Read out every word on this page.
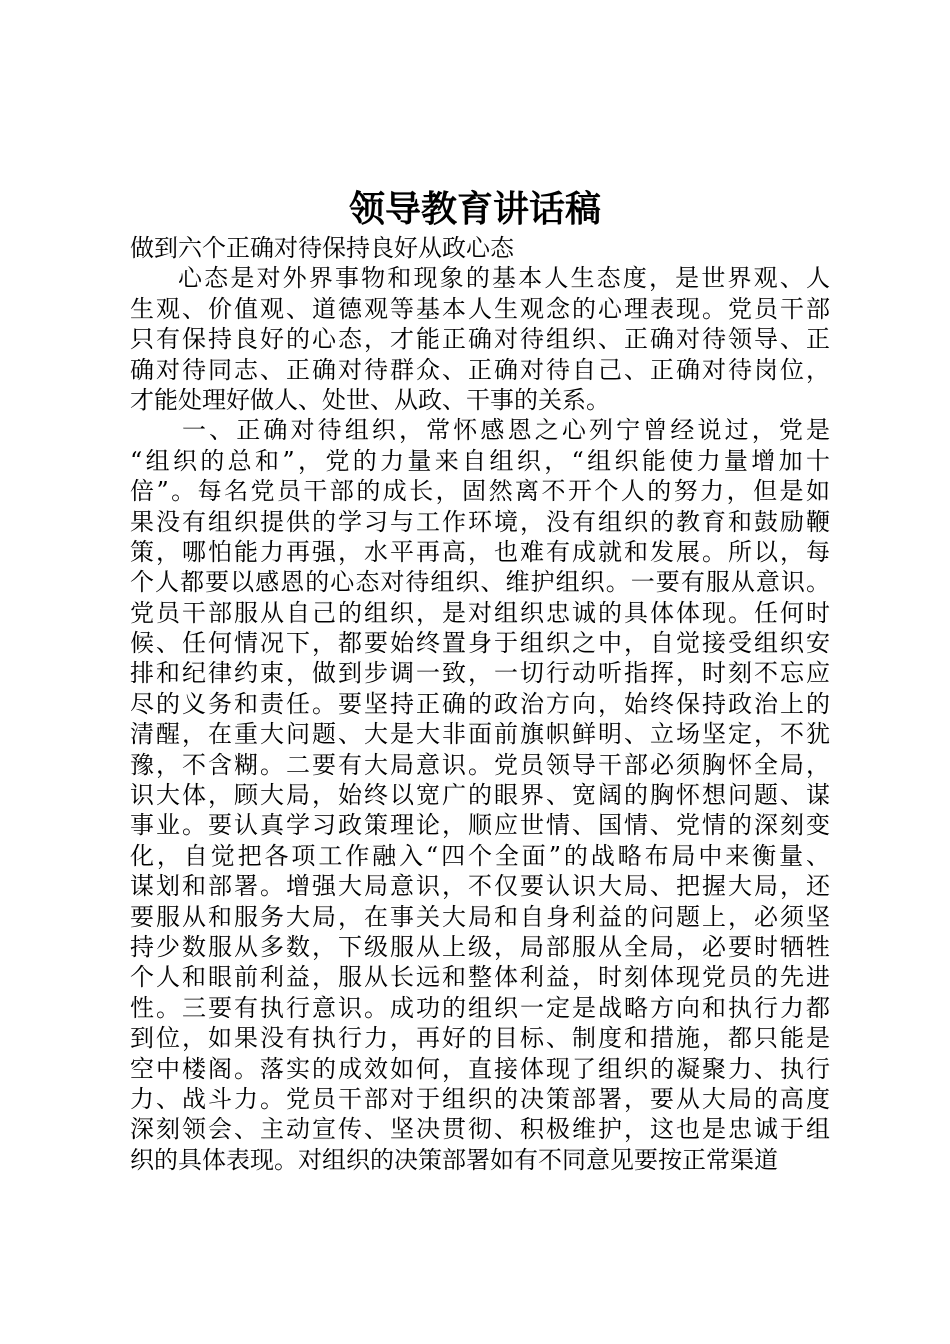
领导教育讲话稿

做到六个正确对待保持良好从政心态

心态是对外界事物和现象的基本人生态度，是世界观、人
生观、价值观、道德观等基本人生观念的心理表现。党员干部
只有保持良好的心态，才能正确对待组织、正确对待领导、正
确对待同志、正确对待群众、正确对待自己、正确对待岗位，
才能处理好做人、处世、从政、干事的关系。
一、正确对待组织，常怀感恩之心列宁曾经说过，党是
“组织的总和”，党的力量来自组织，“组织能使力量增加十
倍”。每名党员干部的成长，固然离不开个人的努力，但是如
果没有组织提供的学习与工作环境，没有组织的教育和鼓励鞭
策，哪怕能力再强，水平再高，也难有成就和发展。所以，每
个人都要以感恩的心态对待组织、维护组织。一要有服从意识。
党员干部服从自己的组织，是对组织忠诚的具体体现。任何时
候、任何情况下，都要始终置身于组织之中，自觉接受组织安
排和纪律约束，做到步调一致，一切行动听指挥，时刻不忘应
尽的义务和责任。要坚持正确的政治方向，始终保持政治上的
清醒，在重大问题、大是大非面前旗帜鲜明、立场坚定，不犹
豫，不含糊。二要有大局意识。党员领导干部必须胸怀全局，
识大体，顾大局，始终以宽广的眼界、宽阔的胸怀想问题、谋
事业。要认真学习政策理论，顺应世情、国情、党情的深刻变
化，自觉把各项工作融入“四个全面”的战略布局中来衡量、
谋划和部署。增强大局意识，不仅要认识大局、把握大局，还
要服从和服务大局，在事关大局和自身利益的问题上，必须坚
持少数服从多数，下级服从上级，局部服从全局，必要时牺牲
个人和眼前利益，服从长远和整体利益，时刻体现党员的先进
性。三要有执行意识。成功的组织一定是战略方向和执行力都
到位，如果没有执行力，再好的目标、制度和措施，都只能是
空中楼阁。落实的成效如何，直接体现了组织的凝聚力、执行
力、战斗力。党员干部对于组织的决策部署，要从大局的高度
深刻领会、主动宣传、坚决贯彻、积极维护，这也是忠诚于组
织的具体表现。对组织的决策部署如有不同意见要按正常渠道
